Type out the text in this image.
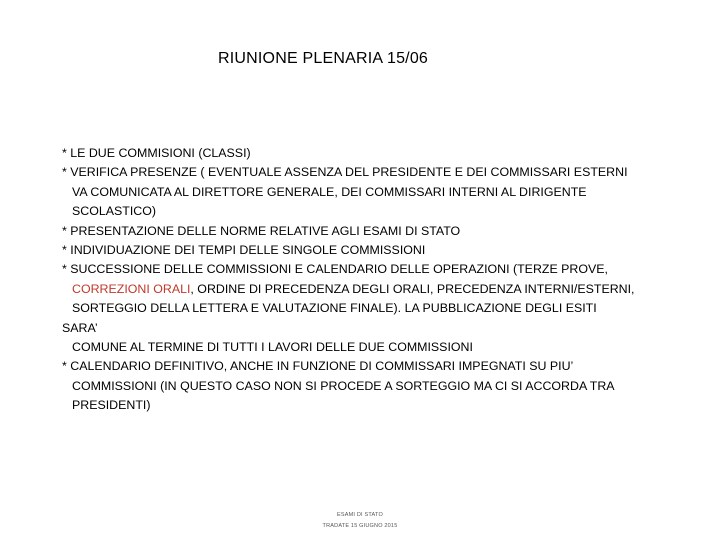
RIUNIONE PLENARIA 15/06
* LE DUE COMMISIONI (CLASSI)
* VERIFICA PRESENZE ( EVENTUALE ASSENZA DEL PRESIDENTE E DEI COMMISSARI ESTERNI
VA COMUNICATA AL DIRETTORE GENERALE, DEI COMMISSARI INTERNI AL DIRIGENTE
SCOLASTICO)
* PRESENTAZIONE DELLE NORME RELATIVE AGLI ESAMI DI STATO
* INDIVIDUAZIONE DEI TEMPI DELLE SINGOLE COMMISSIONI
* SUCCESSIONE DELLE COMMISSIONI E CALENDARIO DELLE OPERAZIONI (TERZE PROVE,
CORREZIONI ORALI, ORDINE DI PRECEDENZA DEGLI ORALI, PRECEDENZA INTERNI/ESTERNI,
SORTEGGIO DELLA LETTERA E VALUTAZIONE FINALE). LA PUBBLICAZIONE DEGLI ESITI
SARA’
COMUNE AL TERMINE DI TUTTI I LAVORI DELLE DUE COMMISSIONI
* CALENDARIO DEFINITIVO, ANCHE IN FUNZIONE DI COMMISSARI IMPEGNATI SU PIU’
COMMISSIONI (IN QUESTO CASO NON SI PROCEDE A SORTEGGIO MA CI SI ACCORDA TRA
PRESIDENTI)
ESAMI DI STATO
TRADATE 15 GIUGNO 2015
